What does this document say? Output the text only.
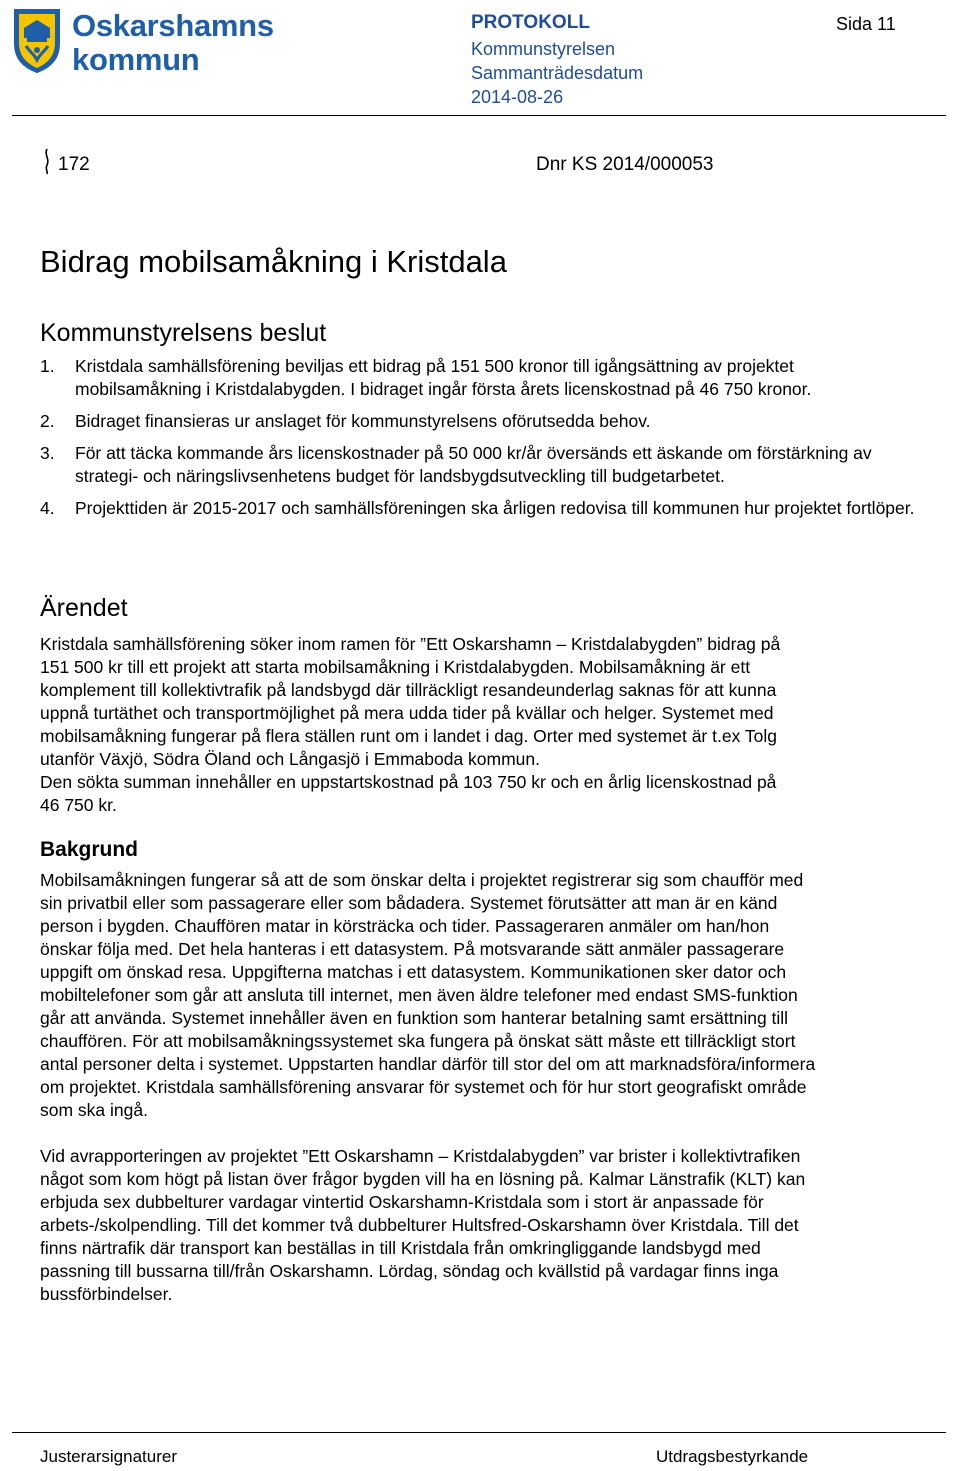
Oskarshamns
kommun
PROTOKOLL
Kommunstyrelsen
Sammanträdesdatum
2014-08-26
Sida 11
172	Dnr KS 2014/000053
Bidrag mobilsamåkning i Kristdala
Kommunstyrelsens beslut
1. Kristdala samhällsförening beviljas ett bidrag på 151 500 kronor till igångsättning av projektet mobilsamåkning i Kristdalabygden. I bidraget ingår första årets licenskostnad på 46 750 kronor.
2. Bidraget finansieras ur anslaget för kommunstyrelsens oförutsedda behov.
3. För att täcka kommande års licenskostnader på 50 000 kr/år översänds ett äskande om förstärkning av strategi- och näringslivsenhetens budget för landsbygdsutveckling till budgetarbetet.
4. Projekttiden är 2015-2017 och samhällsföreningen ska årligen redovisa till kommunen hur projektet fortlöper.
Ärendet
Kristdala samhällsförening söker inom ramen för ”Ett Oskarshamn – Kristdalabygden” bidrag på
151 500 kr till ett projekt att starta mobilsamåkning i Kristdalabygden. Mobilsamåkning är ett
komplement till kollektivtrafik på landsbygd där tillräckligt resandeunderlag saknas för att kunna
uppnå turtäthet och transportmöjlighet på mera udda tider på kvällar och helger. Systemet med
mobilsamåkning fungerar på flera ställen runt om i landet i dag. Orter med systemet är t.ex Tolg
utanför Växjö, Södra Öland och Långasjö i Emmaboda kommun.
Den sökta summan innehåller en uppstartskostnad på 103 750 kr och en årlig licenskostnad på
46 750 kr.
Bakgrund
Mobilsamåkningen fungerar så att de som önskar delta i projektet registrerar sig som chaufför med
sin privatbil eller som passagerare eller som bådadera. Systemet förutsätter att man är en känd
person i bygden. Chauffören matar in körsträcka och tider. Passageraren anmäler om han/hon
önskar följa med. Det hela hanteras i ett datasystem. På motsvarande sätt anmäler passagerare
uppgift om önskad resa. Uppgifterna matchas i ett datasystem. Kommunikationen sker dator och
mobiltelefoner som går att ansluta till internet, men även äldre telefoner med endast SMS-funktion
går att använda. Systemet innehåller även en funktion som hanterar betalning samt ersättning till
chauffören. För att mobilsamåkningssystemet ska fungera på önskat sätt måste ett tillräckligt stort
antal personer delta i systemet. Uppstarten handlar därför till stor del om att marknadsföra/informera
om projektet. Kristdala samhällsförening ansvarar för systemet och för hur stort geografiskt område
som ska ingå.
Vid avrapporteringen av projektet ”Ett Oskarshamn – Kristdalabygden” var brister i kollektivtrafiken
något som kom högt på listan över frågor bygden vill ha en lösning på. Kalmar Länstrafik (KLT) kan
erbjuda sex dubbelturer vardagar vintertid Oskarshamn-Kristdala som i stort är anpassade för
arbets-/skolpendling. Till det kommer två dubbelturer Hultsfred-Oskarshamn över Kristdala. Till det
finns närtrafik där transport kan beställas in till Kristdala från omkringliggande landsbygd med
passning till bussarna till/från Oskarshamn. Lördag, söndag och kvällstid på vardagar finns inga
bussförbindelser.
Justerarsignaturer	Utdragsbestyrkande
